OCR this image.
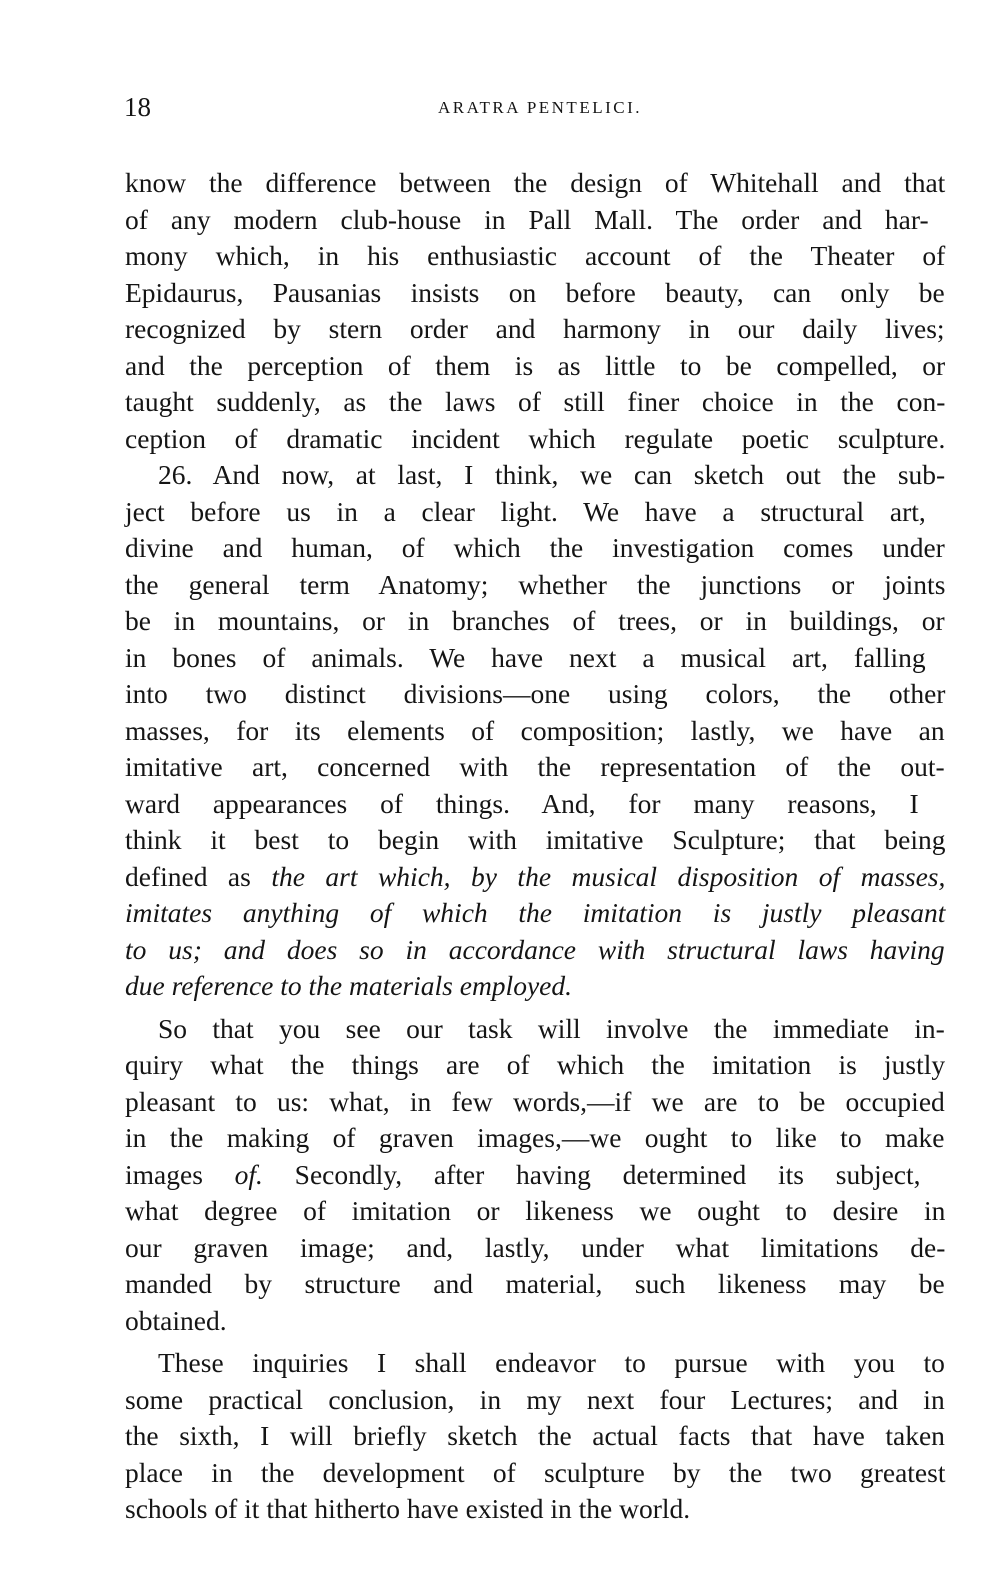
18	ARATRA PENTELICI.
know the difference between the design of Whitehall and that
of any modern club-house in Pall Mall. The order and har-
mony which, in his enthusiastic account of the Theater of
Epidaurus, Pausanias insists on before beauty, can only be
recognized by stern order and harmony in our daily lives;
and the perception of them is as little to be compelled, or
taught suddenly, as the laws of still finer choice in the con-
ception of dramatic incident which regulate poetic sculpture.
26. And now, at last, I think, we can sketch out the sub-
ject before us in a clear light. We have a structural art,
divine and human, of which the investigation comes under
the general term Anatomy; whether the junctions or joints
be in mountains, or in branches of trees, or in buildings, or
in bones of animals. We have next a musical art, falling
into two distinct divisions—one using colors, the other
masses, for its elements of composition; lastly, we have an
imitative art, concerned with the representation of the out-
ward appearances of things. And, for many reasons, I
think it best to begin with imitative Sculpture; that being
defined as the art which, by the musical disposition of masses,
imitates anything of which the imitation is justly pleasant
to us; and does so in accordance with structural laws having
due reference to the materials employed.
So that you see our task will involve the immediate in-
quiry what the things are of which the imitation is justly
pleasant to us: what, in few words,—if we are to be occupied
in the making of graven images,—we ought to like to make
images of. Secondly, after having determined its subject,
what degree of imitation or likeness we ought to desire in
our graven image; and, lastly, under what limitations de-
manded by structure and material, such likeness may be
obtained.
These inquiries I shall endeavor to pursue with you to
some practical conclusion, in my next four Lectures; and in
the sixth, I will briefly sketch the actual facts that have taken
place in the development of sculpture by the two greatest
schools of it that hitherto have existed in the world.
